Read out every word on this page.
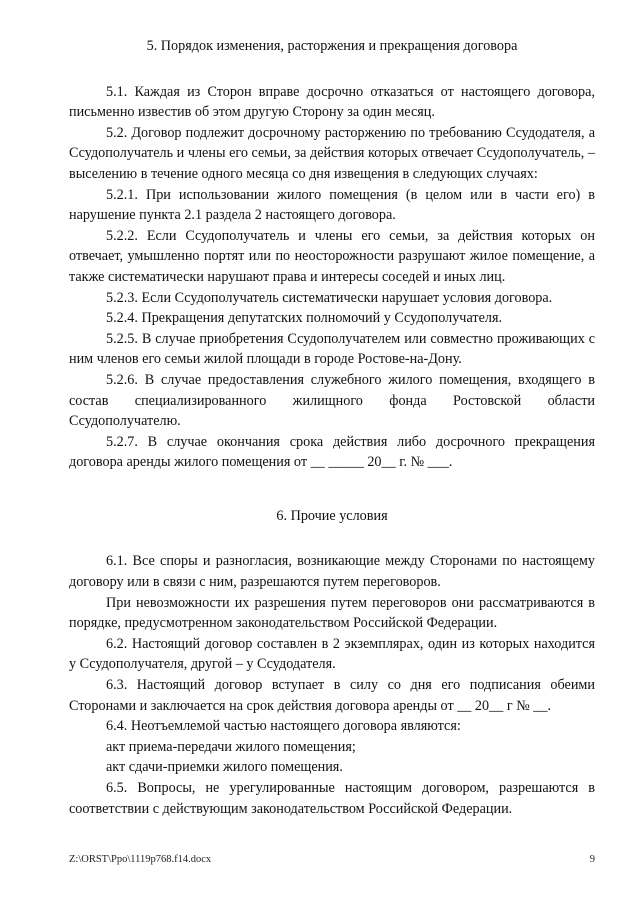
5. Порядок изменения, расторжения и прекращения договора

5.1. Каждая из Сторон вправе досрочно отказаться от настоящего договора, письменно известив об этом другую Сторону за один месяц.

5.2. Договор подлежит досрочному расторжению по требованию Ссудодателя, а Ссудополучатель и члены его семьи, за действия которых отвечает Ссудополучатель, – выселению в течение одного месяца со дня извещения в следующих случаях:

5.2.1. При использовании жилого помещения (в целом или в части его) в нарушение пункта 2.1 раздела 2 настоящего договора.

5.2.2. Если Ссудополучатель и члены его семьи, за действия которых он отвечает, умышленно портят или по неосторожности разрушают жилое помещение, а также систематически нарушают права и интересы соседей и иных лиц.

5.2.3. Если Ссудополучатель систематически нарушает условия договора.

5.2.4. Прекращения депутатских полномочий у Ссудополучателя.

5.2.5. В случае приобретения Ссудополучателем или совместно проживающих с ним членов его семьи жилой площади в городе Ростове-на-Дону.

5.2.6. В случае предоставления служебного жилого помещения, входящего в состав специализированного жилищного фонда Ростовской области Ссудополучателю.

5.2.7. В случае окончания срока действия либо досрочного прекращения договора аренды жилого помещения от __ _____ 20__ г. № ___.

6. Прочие условия

6.1. Все споры и разногласия, возникающие между Сторонами по настоящему договору или в связи с ним, разрешаются путем переговоров.

При невозможности их разрешения путем переговоров они рассматриваются в порядке, предусмотренном законодательством Российской Федерации.

6.2. Настоящий договор составлен в 2 экземплярах, один из которых находится у Ссудополучателя, другой – у Ссудодателя.

6.3. Настоящий договор вступает в силу со дня его подписания обеими Сторонами и заключается на срок действия договора аренды от __ 20__ г № __.

6.4. Неотъемлемой частью настоящего договора являются:

акт приема-передачи жилого помещения;

акт сдачи-приемки жилого помещения.

6.5. Вопросы, не урегулированные настоящим договором, разрешаются в соответствии с действующим законодательством Российской Федерации.

Z:\ORST\Ppo\1119p768.f14.docx	9
